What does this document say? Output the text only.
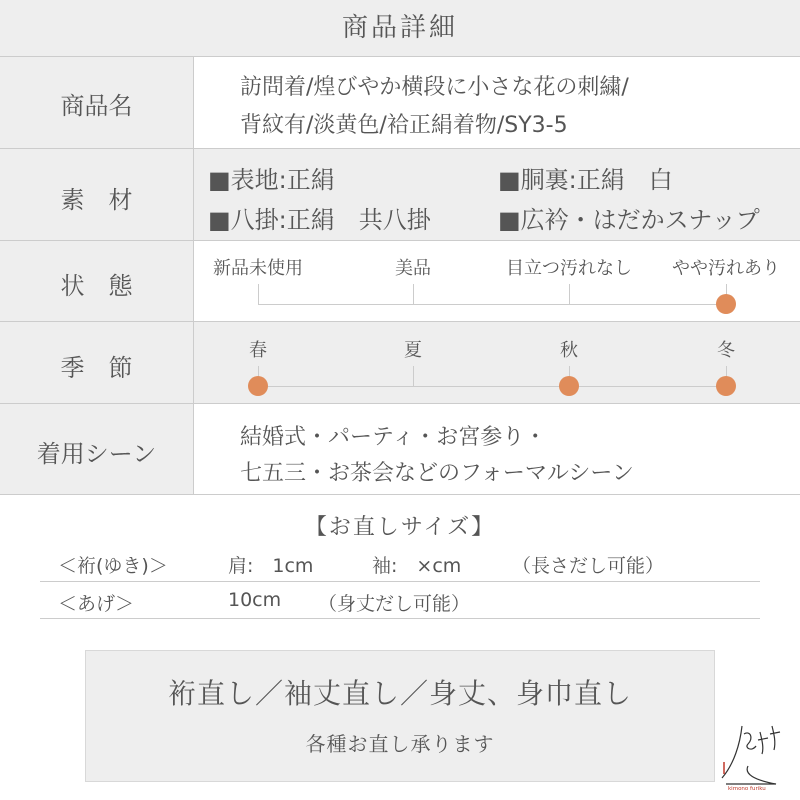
商品詳細
商品名
訪問着/煌びやか横段に小さな花の刺繍/
背紋有/淡黄色/袷正絹着物/SY3-5
素　材
■表地:正絹	■胴裏:正絹　白
■八掛:正絹　共八掛	■広衿・はだかスナップ
状　態
新品未使用	美品	目立つ汚れなし やや汚れあり
季　節
春	夏	秋	冬
着用シーン
結婚式・パーティ・お宮参り・
七五三・お茶会などのフォーマルシーン
【お直しサイズ】
＜裄(ゆき)＞	肩:　1cm	袖:　×cm	（長さだし可能）
＜あげ＞	10cm （身丈だし可能）
裄直し／袖丈直し／身丈、身巾直し
各種お直し承ります
kimono furiku
